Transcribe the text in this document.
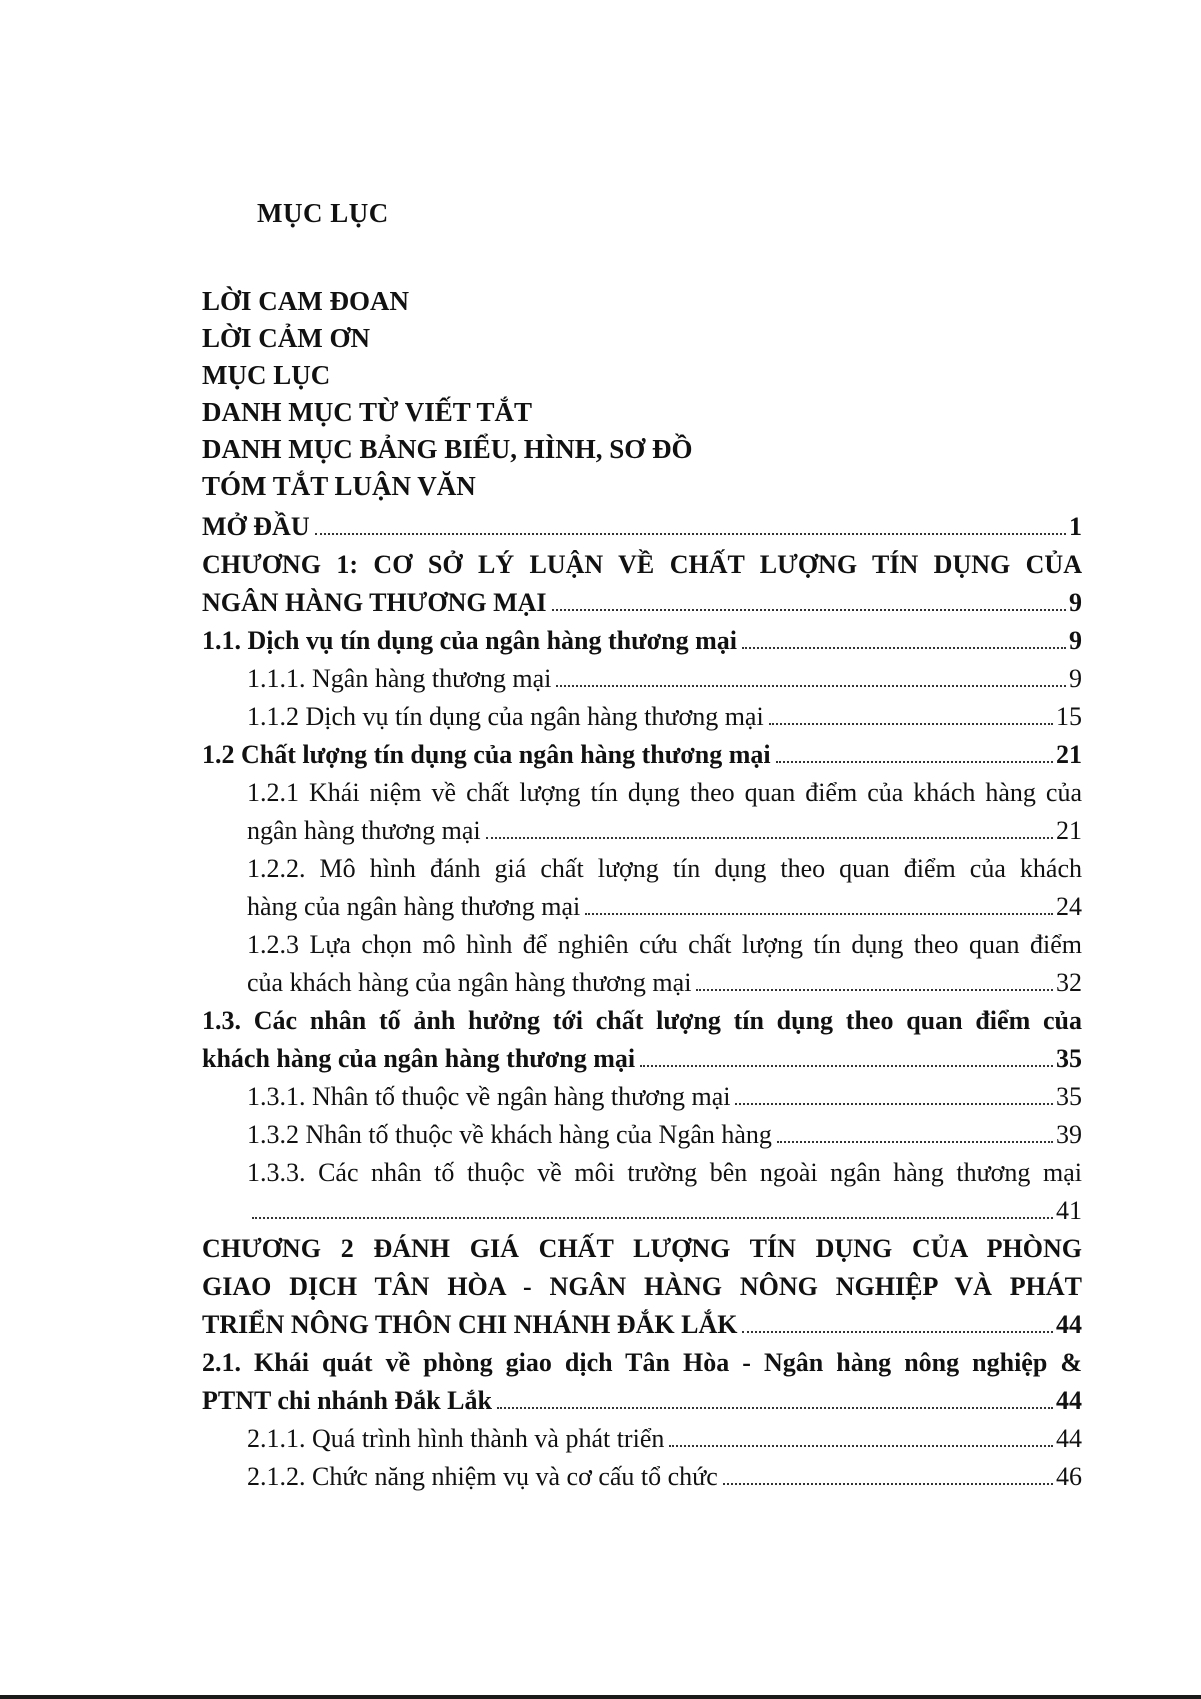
MỤC LỤC
LỜI CAM ĐOAN
LỜI CẢM ƠN
MỤC LỤC
DANH MỤC TỪ VIẾT TẮT
DANH MỤC BẢNG BIỂU, HÌNH, SƠ ĐỒ
TÓM TẮT LUẬN VĂN
MỞ ĐẦU	1
CHƯƠNG 1: CƠ SỞ LÝ LUẬN VỀ CHẤT LƯỢNG TÍN DỤNG CỦA
NGÂN HÀNG THƯƠNG MẠI	9
1.1. Dịch vụ tín dụng của ngân hàng thương mại	9
1.1.1. Ngân hàng thương mại	9
1.1.2 Dịch vụ tín dụng của ngân hàng thương mại	15
1.2 Chất lượng tín dụng của ngân hàng thương mại	21
1.2.1 Khái niệm về chất lượng tín dụng theo quan điểm của khách hàng của
ngân hàng thương mại	21
1.2.2. Mô hình đánh giá chất lượng tín dụng theo quan điểm của khách
hàng của ngân hàng thương mại	24
1.2.3 Lựa chọn mô hình để nghiên cứu chất lượng tín dụng theo quan điểm
của khách hàng của ngân hàng thương mại	32
1.3. Các nhân tố ảnh hưởng tới chất lượng tín dụng theo quan điểm của
khách hàng của ngân hàng thương mại	35
1.3.1. Nhân tố thuộc về ngân hàng thương mại	35
1.3.2 Nhân tố thuộc về khách hàng của Ngân hàng	39
1.3.3. Các nhân tố thuộc về môi trường bên ngoài ngân hàng thương mại
41
CHƯƠNG 2 ĐÁNH GIÁ CHẤT LƯỢNG TÍN DỤNG CỦA PHÒNG
GIAO DỊCH TÂN HÒA - NGÂN HÀNG NÔNG NGHIỆP VÀ PHÁT
TRIỂN NÔNG THÔN CHI NHÁNH ĐẮK LẮK	44
2.1. Khái quát về phòng giao dịch Tân Hòa - Ngân hàng nông nghiệp &
PTNT chi nhánh Đắk Lắk	44
2.1.1. Quá trình hình thành và phát triển	44
2.1.2. Chức năng nhiệm vụ và cơ cấu tổ chức	46
